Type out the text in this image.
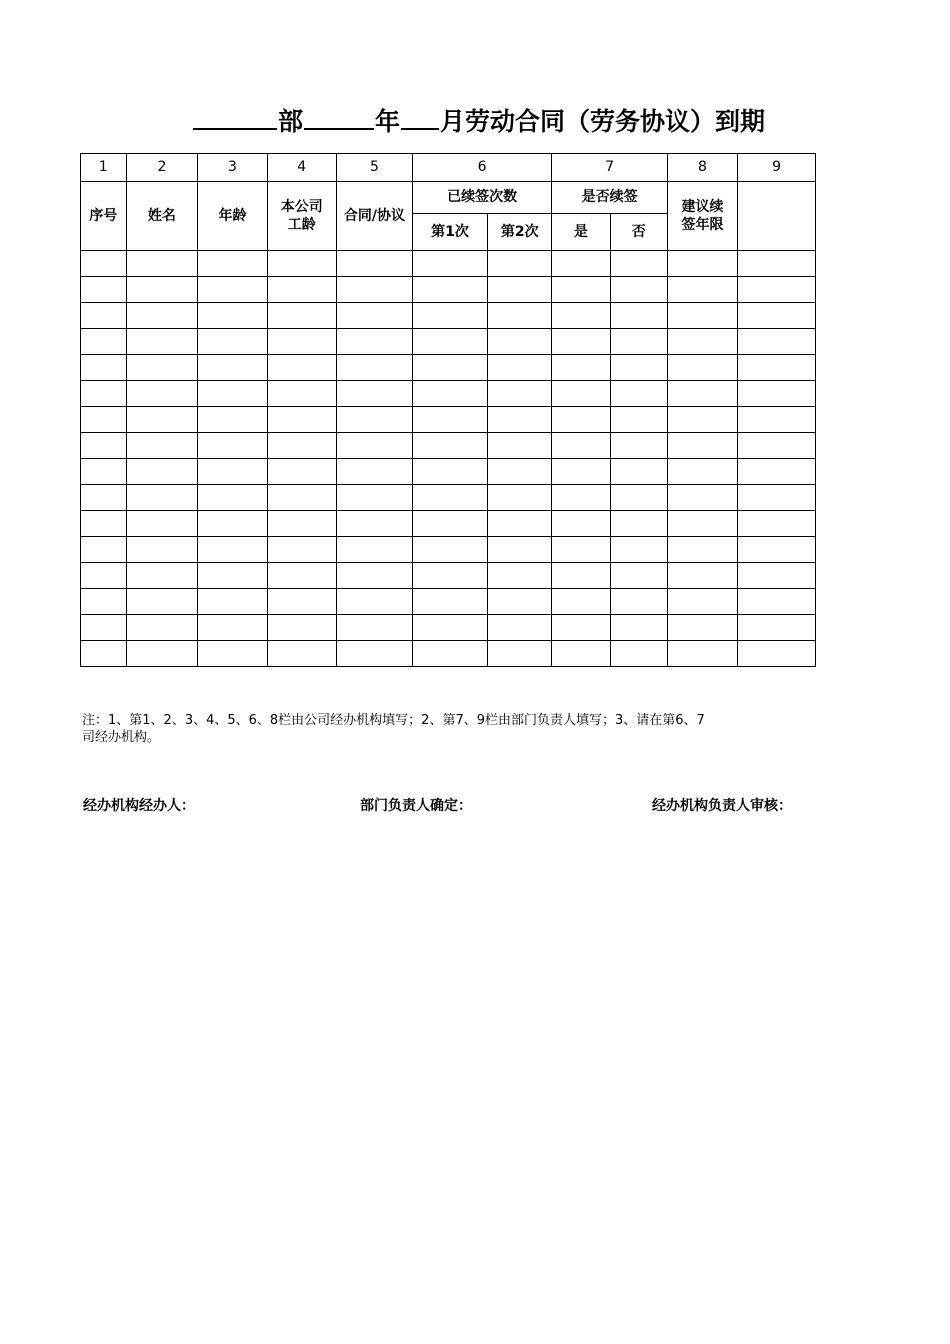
部	年 月劳动合同（劳务协议）到期
1	2	3	4	5	6		7		8	9
序号	姓名	年龄	本公司工龄	合同/协议	已续签次数		是否续签		建议续签年限	

					第1次	第2次	是	否		

注：1、第1、2、3、4、5、6、8栏由公司经办机构填写；2、第7、9栏由部门负责人填写；3、请在第6、7
司经办机构。
经办机构经办人：	部门负责人确定：	经办机构负责人审核：
